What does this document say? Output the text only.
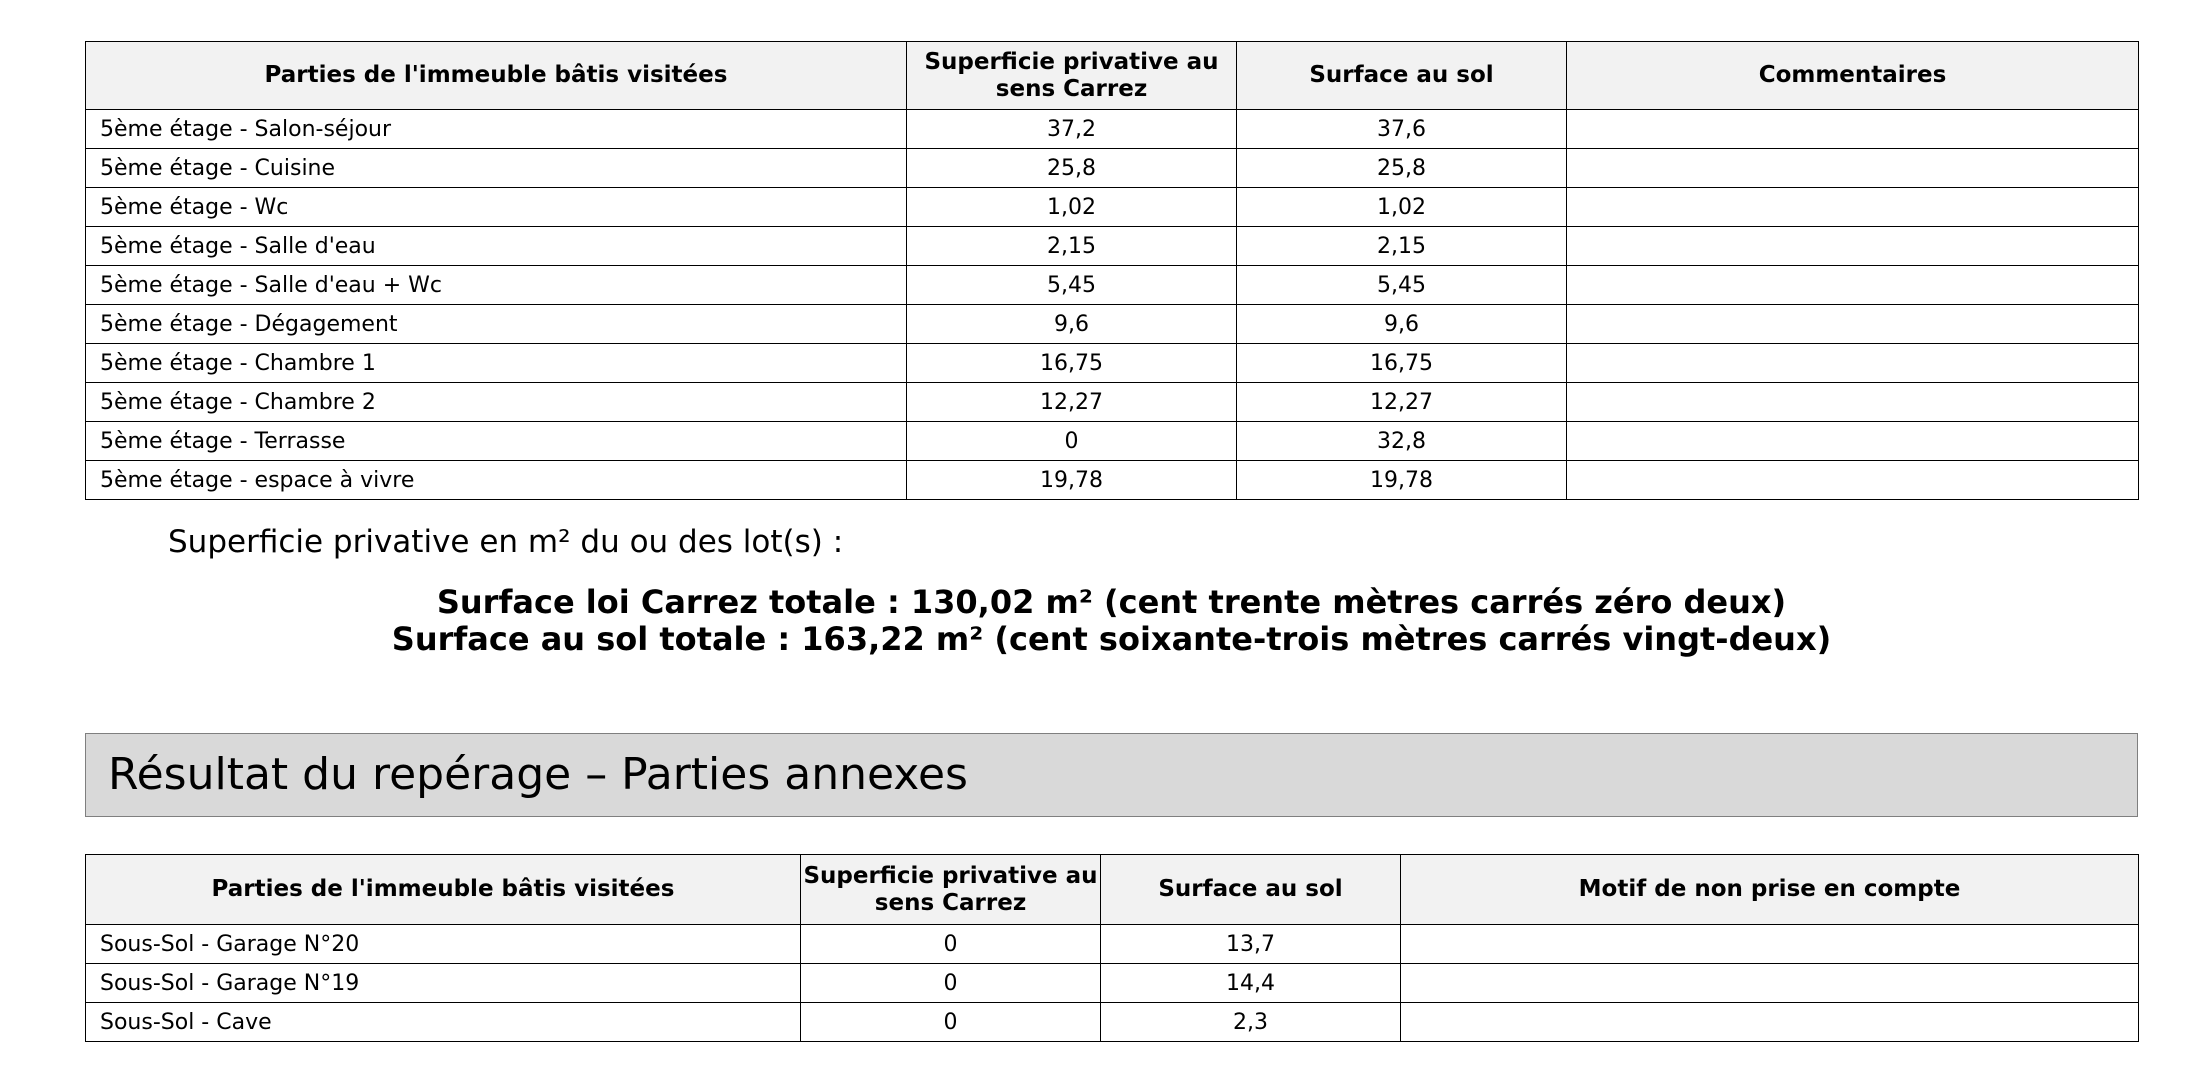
Parties de l'immeuble bâtis visitées	Superficie privative au sens Carrez	Surface au sol	Commentaires
5ème étage - Salon-séjour	37,2	37,6	
5ème étage - Cuisine	25,8	25,8	
5ème étage - Wc	1,02	1,02	
5ème étage - Salle d'eau	2,15	2,15	
5ème étage - Salle d'eau + Wc	5,45	5,45	
5ème étage - Dégagement	9,6	9,6	
5ème étage - Chambre 1	16,75	16,75	
5ème étage - Chambre 2	12,27	12,27	
5ème étage - Terrasse	0	32,8	
5ème étage - espace à vivre	19,78	19,78	

Superficie privative en m² du ou des lot(s) :

Surface loi Carrez totale : 130,02 m² (cent trente mètres carrés zéro deux)
Surface au sol totale : 163,22 m² (cent soixante-trois mètres carrés vingt-deux)
Résultat du repérage – Parties annexes
Parties de l'immeuble bâtis visitées	Superficie privative au sens Carrez	Surface au sol	Motif de non prise en compte
Sous-Sol - Garage N°20	0	13,7	
Sous-Sol - Garage N°19	0	14,4	
Sous-Sol - Cave	0	2,3	
